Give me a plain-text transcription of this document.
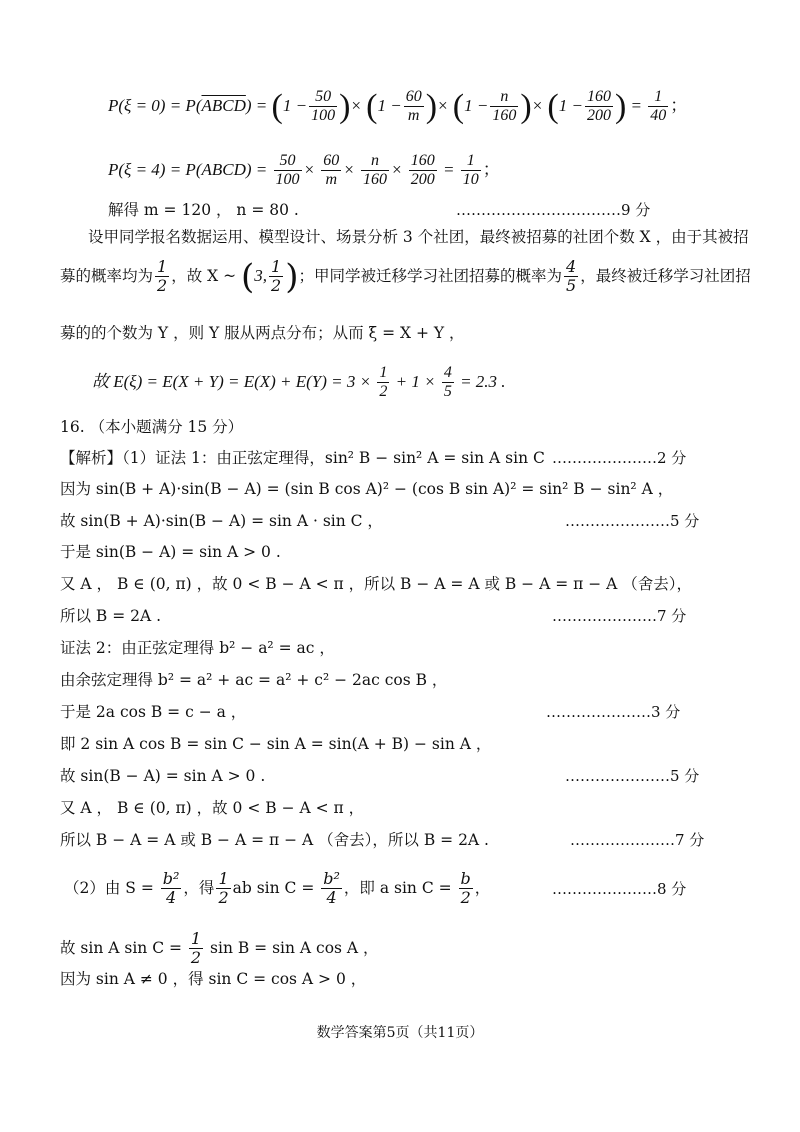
P(ξ = 0) = P(ABCD) = ($1 - \frac{50}{100}$ )× ($1 - \frac{60}{m}$ )× ($1 - \frac{n}{160}$ )× ($1 - \frac{160}{200}$ ) = $\frac{1}{40}$ ；
P(ξ = 4) = P(ABCD) = $\frac{50}{100} \times \frac{60}{m} \times \frac{n}{160} \times \frac{160}{200} = \frac{1}{10}$ ；
解得 m = 120 ， n = 80 .	……………………………9 分
设甲同学报名数据运用、模型设计、场景分析 3 个社团，最终被招募的社团个数 X ，由于其被招
募的概率均为 $\frac{1}{2}$ ，故 X ~ (3, $\frac{1}{2}$ )；甲同学被迁移学习社团招募的概率为 $\frac{4}{5}$ ，最终被迁移学习社团招
募的的个数为 Y ，则 Y 服从两点分布；从而 ξ = X + Y ，
故 $E(\xi) = E(X + Y) = E(X) + E(Y) = 3 \times \frac{1}{2} + 1 \times \frac{4}{5} = 2.3$ .
16. （本小题满分 15 分）
【解析】（1）证法 1：由正弦定理得，sin² B − sin² A = sin A sin C …………………2 分
因为 sin(B + A)·sin(B − A) = (sin B cos A)² − (cos B sin A)² = sin² B − sin² A ，
故 sin(B + A)·sin(B − A) = sin A · sin C ，	…………………5 分
于是 sin(B − A) = sin A > 0 .
又 A ， B ∈ (0, π) ，故 0 < B − A < π ，所以 B − A = A 或 B − A = π − A （舍去），
所以 B = 2A .	…………………7 分
证法 2：由正弦定理得 b² − a² = ac ，
由余弦定理得 b² = a² + ac = a² + c² − 2ac cos B ，
于是 2a cos B = c − a ，	…………………3 分
即 2 sin A cos B = sin C − sin A = sin(A + B) − sin A ，
故 sin(B − A) = sin A > 0 .	…………………5 分
又 A ， B ∈ (0, π) ，故 0 < B − A < π ，
所以 B − A = A 或 B − A = π − A （舍去），所以 B = 2A .	…………………7 分
（2）由 $S = \frac{\text{b²}}{4}$ ，得 $\frac{1}{2}$ ab $\sin C = \frac{\text{b²}}{4}$ ，即 a $\sin C = \frac{b}{2}$ ，	…………………8 分
故 sin A $\sin C = \frac{1}{2}$ sin B = sin A cos A ，
因为 sin A ≠ 0 ，得 sin C = cos A > 0 ，
数学答案第5页（共11页）
